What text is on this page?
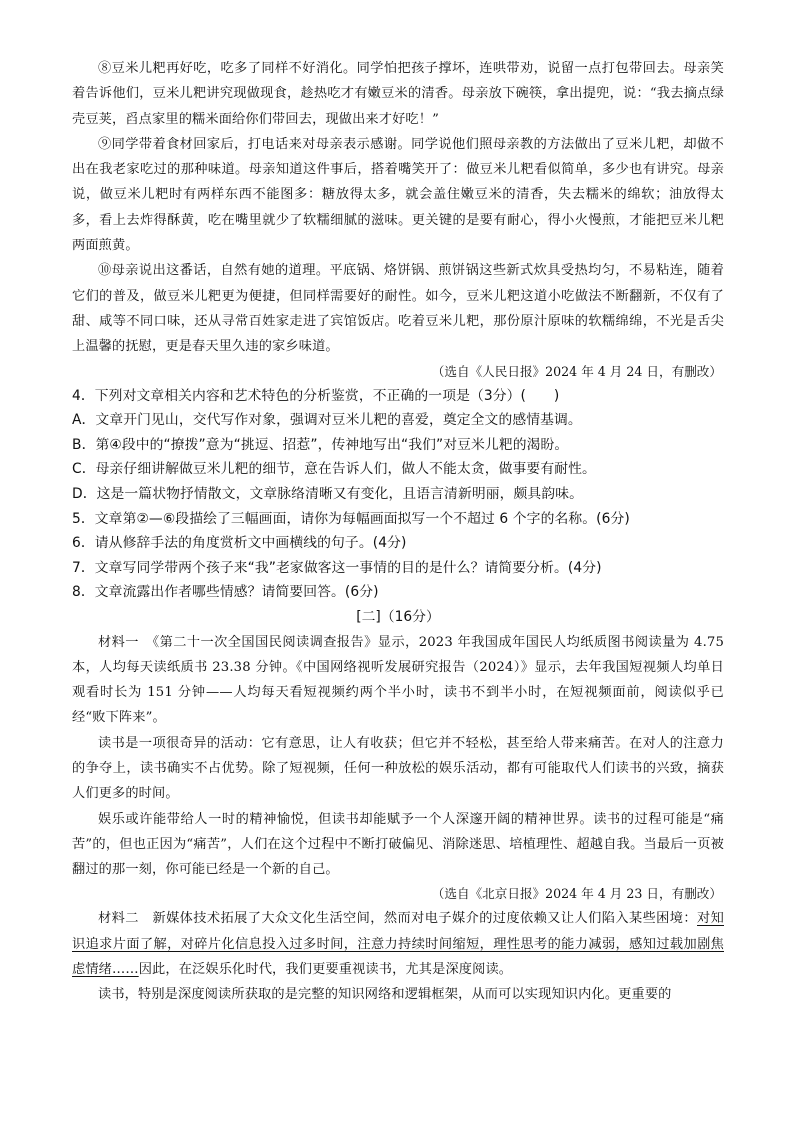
⑧豆米儿粑再好吃，吃多了同样不好消化。同学怕把孩子撑坏，连哄带劝，说留一点打包带回去。母亲笑着告诉他们，豆米儿粑讲究现做现食，趁热吃才有嫩豆米的清香。母亲放下碗筷，拿出提兜，说：“我去摘点绿壳豆荚，舀点家里的糯米面给你们带回去，现做出来才好吃！”

⑨同学带着食材回家后，打电话来对母亲表示感谢。同学说他们照母亲教的方法做出了豆米儿粑，却做不出在我老家吃过的那种味道。母亲知道这件事后，搭着嘴笑开了：做豆米儿粑看似简单，多少也有讲究。母亲说，做豆米儿粑时有两样东西不能图多：糖放得太多，就会盖住嫩豆米的清香，失去糯米的绵软；油放得太多，看上去炸得酥黄，吃在嘴里就少了软糯细腻的滋味。更关键的是要有耐心，得小火慢煎，才能把豆米儿粑两面煎黄。

⑩母亲说出这番话，自然有她的道理。平底锅、烙饼锅、煎饼锅这些新式炊具受热均匀，不易粘连，随着它们的普及，做豆米儿粑更为便捷，但同样需要好的耐性。如今，豆米儿粑这道小吃做法不断翻新，不仅有了甜、咸等不同口味，还从寻常百姓家走进了宾馆饭店。吃着豆米儿粑，那份原汁原味的软糯绵绵，不光是舌尖上温馨的抚慰，更是春天里久违的家乡味道。

（选自《人民日报》2024 年 4 月 24 日，有删改）

4．下列对文章相关内容和艺术特色的分析鉴赏，不正确的一项是（3分）(　　)

A．文章开门见山，交代写作对象，强调对豆米儿粑的喜爱，奠定全文的感情基调。

B．第④段中的“撩拨”意为“挑逗、招惹”，传神地写出“我们”对豆米儿粑的渴盼。

C．母亲仔细讲解做豆米儿粑的细节，意在告诉人们，做人不能太贪，做事要有耐性。

D．这是一篇状物抒情散文，文章脉络清晰又有变化，且语言清新明丽，颇具韵味。

5．文章第②—⑥段描绘了三幅画面，请你为每幅画面拟写一个不超过 6 个字的名称。(6分)

6．请从修辞手法的角度赏析文中画横线的句子。(4分)

7．文章写同学带两个孩子来“我”老家做客这一事情的目的是什么？请简要分析。(4分)

8．文章流露出作者哪些情感？请简要回答。(6分)

[二]（16分）

材料一　《第二十一次全国国民阅读调查报告》显示，2023 年我国成年国民人均纸质图书阅读量为 4.75 本，人均每天读纸质书 23.38 分钟。《中国网络视听发展研究报告（2024）》显示，去年我国短视频人均单日观看时长为 151 分钟——人均每天看短视频约两个半小时，读书不到半小时，在短视频面前，阅读似乎已经“败下阵来”。

读书是一项很奇异的活动：它有意思，让人有收获；但它并不轻松，甚至给人带来痛苦。在对人的注意力的争夺上，读书确实不占优势。除了短视频，任何一种放松的娱乐活动，都有可能取代人们读书的兴致，摘获人们更多的时间。

娱乐或许能带给人一时的精神愉悦，但读书却能赋予一个人深邃开阔的精神世界。读书的过程可能是“痛苦”的，但也正因为“痛苦”，人们在这个过程中不断打破偏见、消除迷思、培植理性、超越自我。当最后一页被翻过的那一刻，你可能已经是一个新的自己。

（选自《北京日报》2024 年 4 月 23 日，有删改）

材料二　新媒体技术拓展了大众文化生活空间，然而对电子媒介的过度依赖又让人们陷入某些困境：对知识追求片面了解，对碎片化信息投入过多时间，注意力持续时间缩短，理性思考的能力减弱，感知过载加剧焦虑情绪……因此，在泛娱乐化时代，我们更要重视读书，尤其是深度阅读。

读书，特别是深度阅读所获取的是完整的知识网络和逻辑框架，从而可以实现知识内化。更重要的
